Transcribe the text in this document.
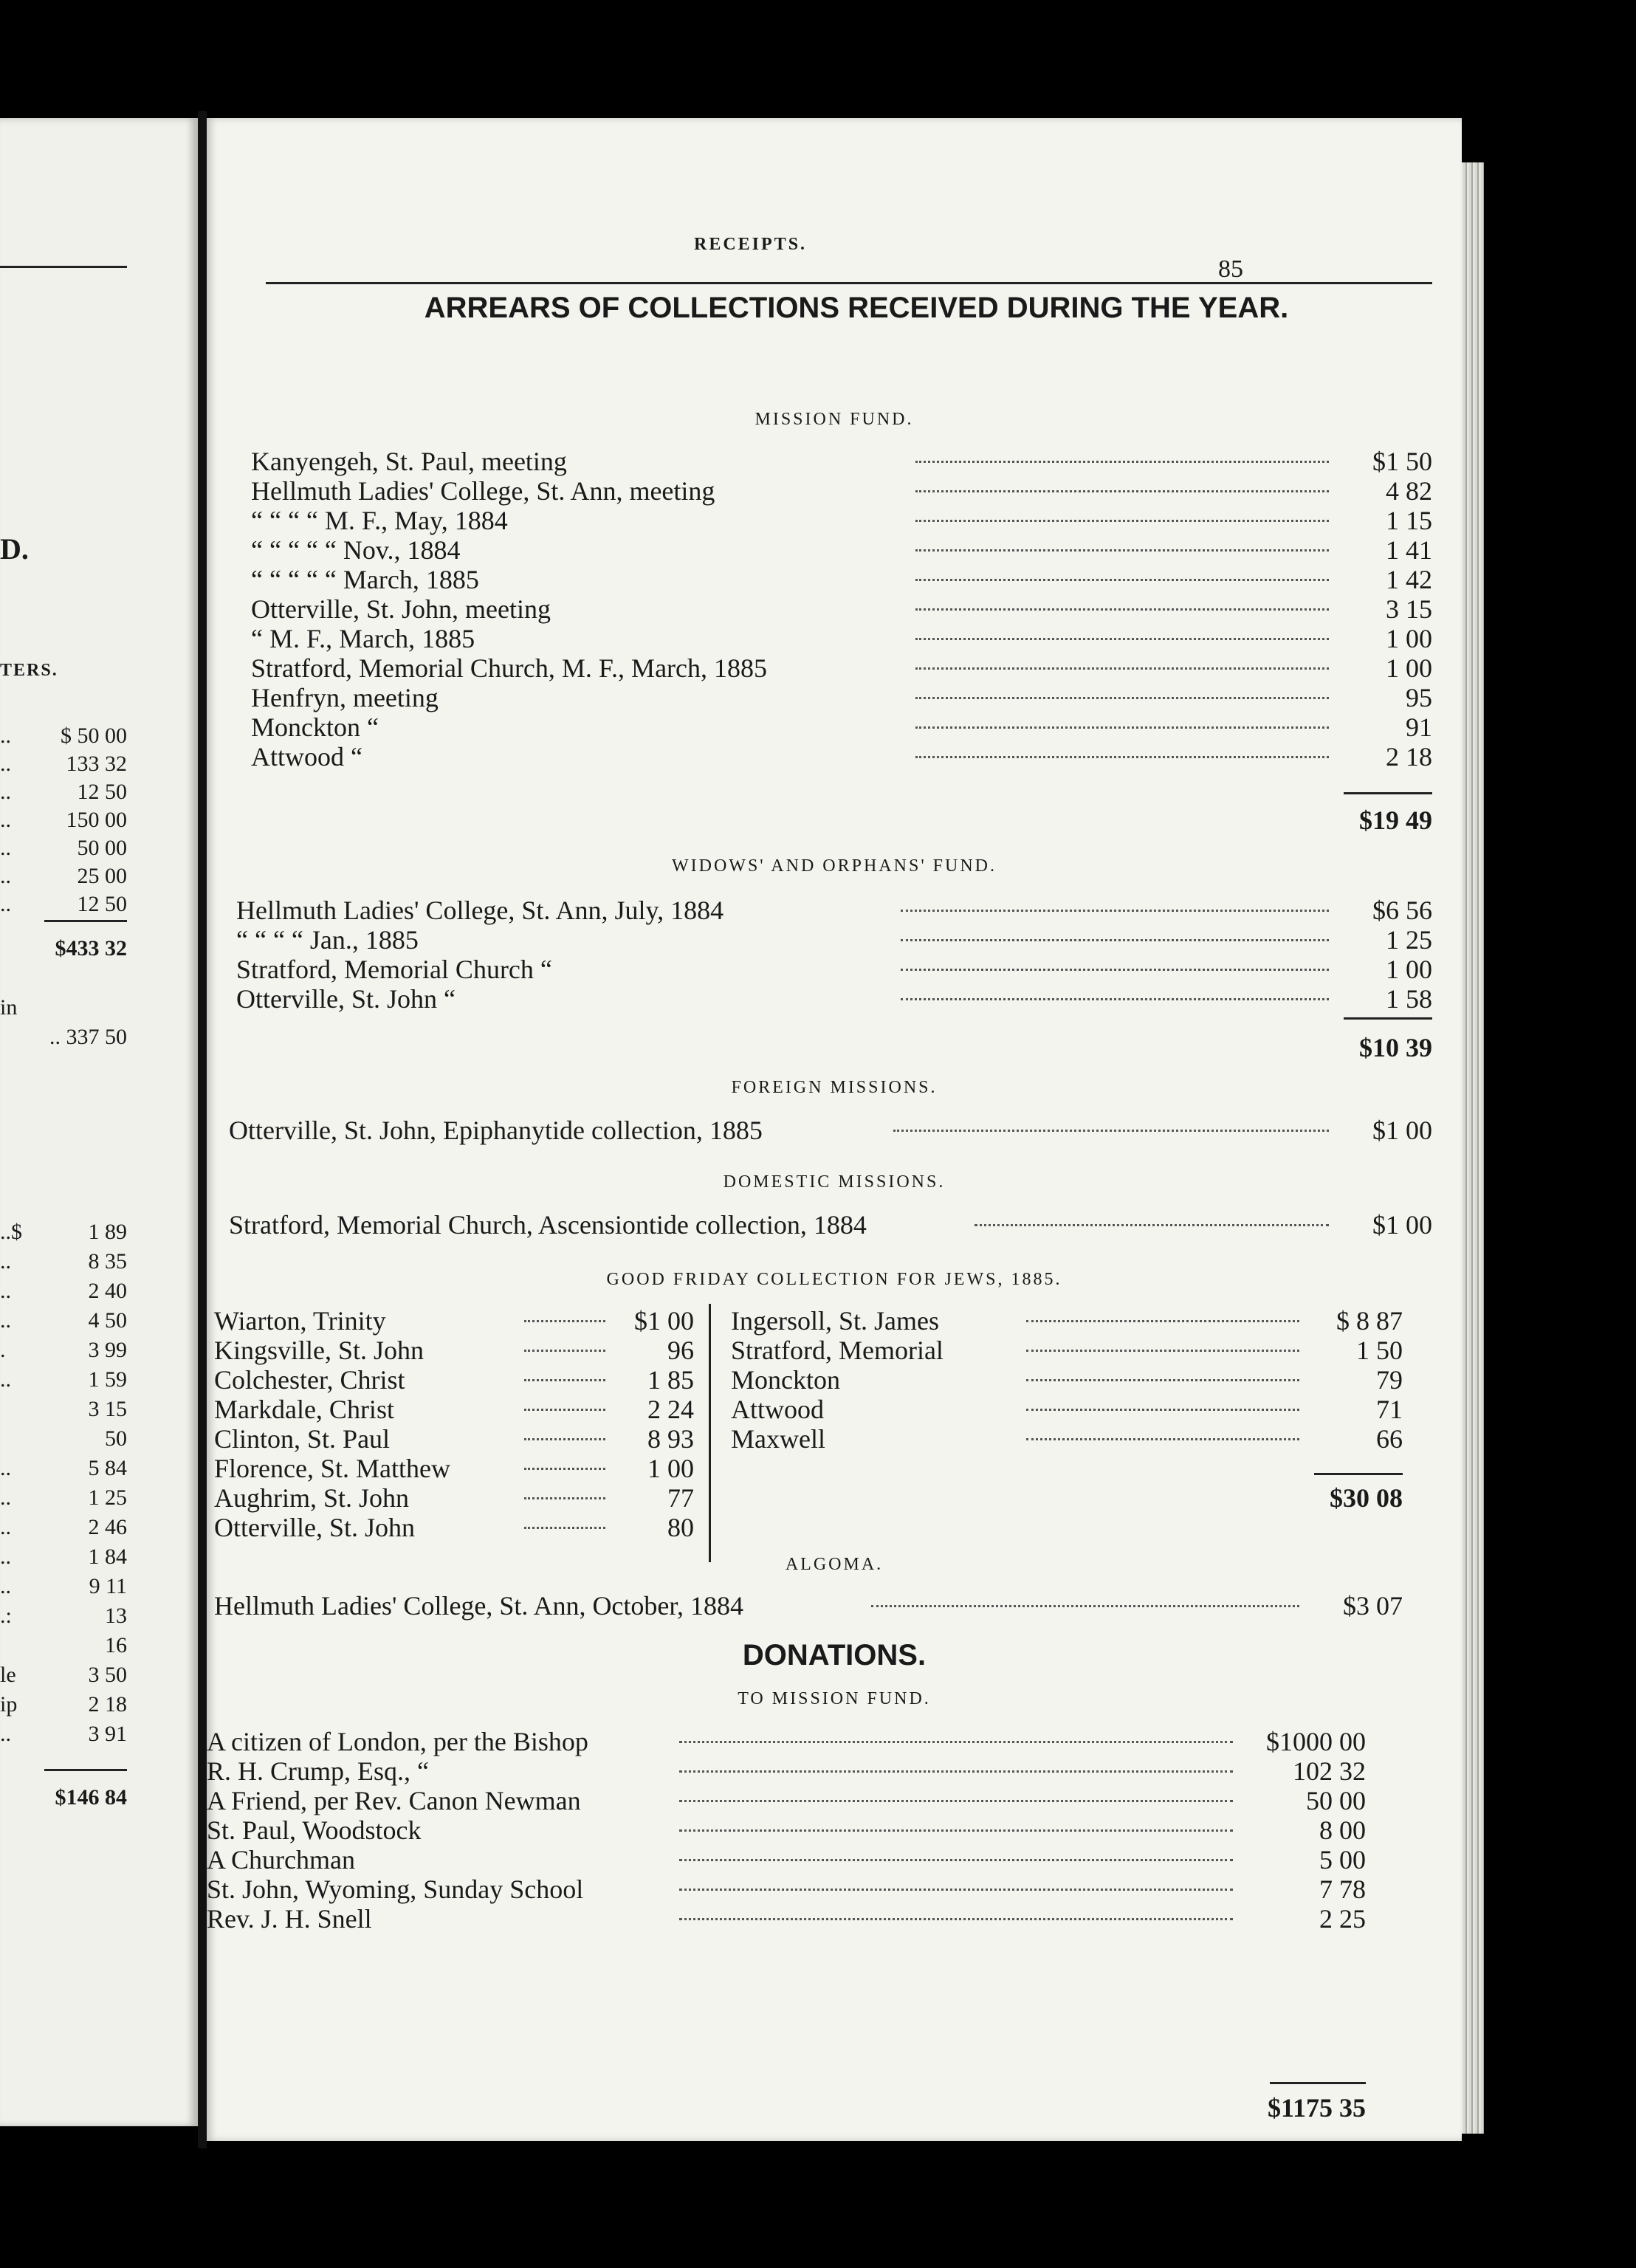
D.
TERS.
.. $ 50 00
.. 133 32
..	12 50
.. 150 00
..	50 00
..	25 00
..	12 50
$433 32
in
.. 337 50
..$	1 89
..	8 35
..	2 40
..	4 50
.	3 99
..	1 59
3 15
50
..	5 84
..	1 25
..	2 46
..	1 84
..	9 11
.:	13
16
le	3 50
ip	2 18
..	3 91
$146 84
RECEIPTS.
85
ARREARS OF COLLECTIONS RECEIVED DURING THE YEAR.
MISSION FUND.
Kanyengeh, St. Paul, meeting	$1 50
Hellmuth Ladies' College, St. Ann, meeting	4 82
“ “ “ “ M. F., May, 1884	1 15
“ “ “ “ “ Nov., 1884	1 41
“ “ “ “ “ March, 1885	1 42
Otterville, St. John, meeting	3 15
“ M. F., March, 1885	1 00
Stratford, Memorial Church, M. F., March, 1885	1 00
Henfryn, meeting	95
Monckton “	91
Attwood “	2 18
$19 49
WIDOWS' AND ORPHANS' FUND.
Hellmuth Ladies' College, St. Ann, July, 1884	$6 56
“ “ “ “ Jan., 1885	1 25
Stratford, Memorial Church “	1 00
Otterville, St. John “	1 58
$10 39
FOREIGN MISSIONS.
Otterville, St. John, Epiphanytide collection, 1885	$1 00
DOMESTIC MISSIONS.
Stratford, Memorial Church, Ascensiontide collection, 1884	$1 00
GOOD FRIDAY COLLECTION FOR JEWS, 1885.
Wiarton, Trinity	$1 00
Kingsville, St. John	96
Colchester, Christ	1 85
Markdale, Christ	2 24
Clinton, St. Paul	8 93
Florence, St. Matthew	1 00
Aughrim, St. John	77
Otterville, St. John	80
Ingersoll, St. James	$ 8 87
Stratford, Memorial	1 50
Monckton	79
Attwood	71
Maxwell	66
$30 08
ALGOMA.
Hellmuth Ladies' College, St. Ann, October, 1884	$3 07
DONATIONS.
TO MISSION FUND.
A citizen of London, per the Bishop	$1000 00
R. H. Crump, Esq., “	102 32
A Friend, per Rev. Canon Newman	50 00
St. Paul, Woodstock	8 00
A Churchman	5 00
St. John, Wyoming, Sunday School	7 78
Rev. J. H. Snell	2 25
$1175 35
